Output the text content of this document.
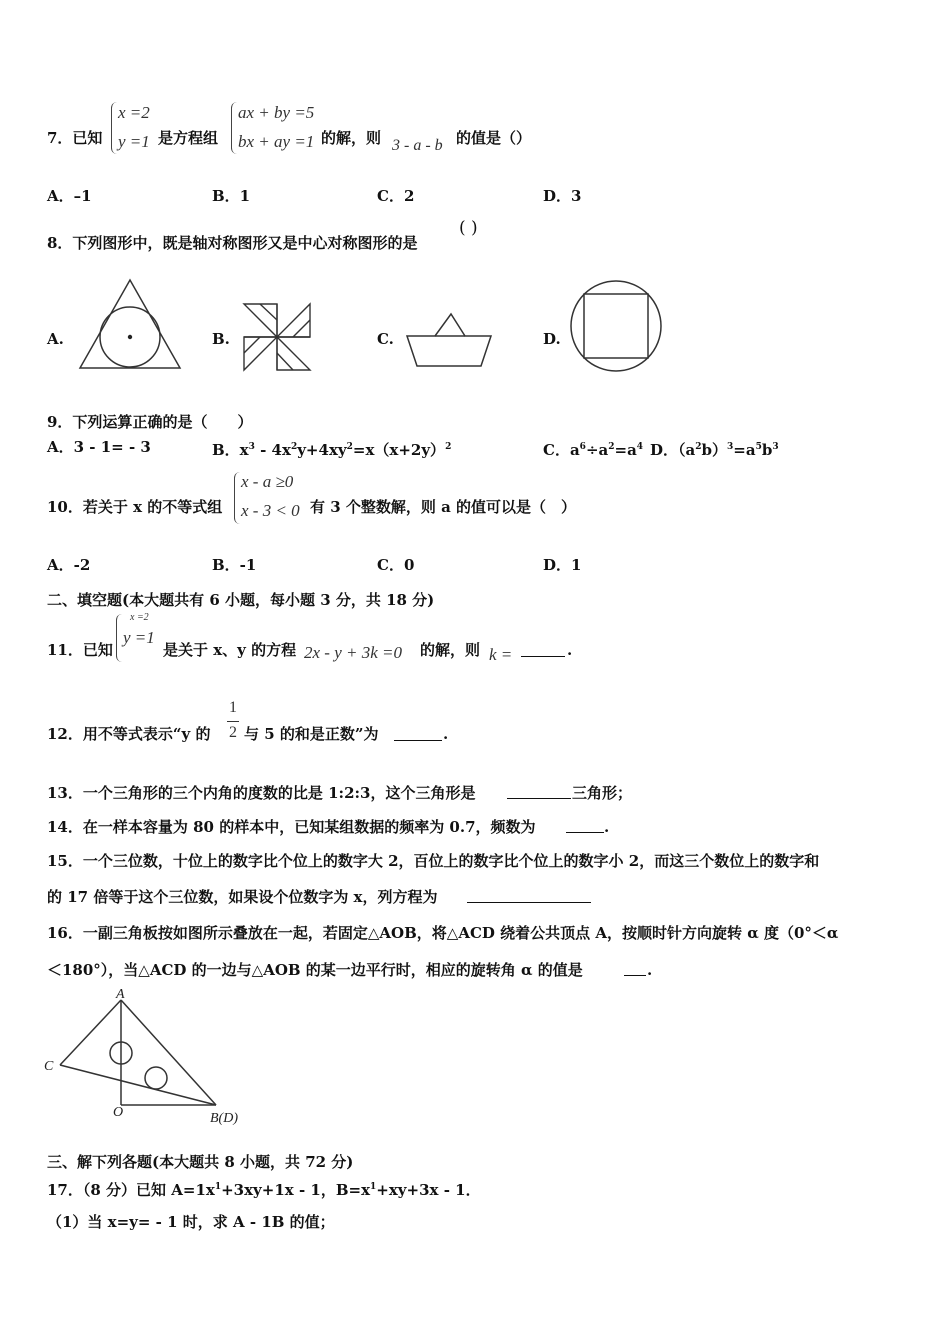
7．已知
x =2
y =1 是方程组
ax + by =5
bx + ay =1 的解，则 3 - a - b 的值是（）
A．–1	B．1	C．2	D．3
8．下列图形中，既是轴对称图形又是中心对称图形的是
( )
A.	B.	C.	D.
9．下列运算正确的是（　　）
A．3 - 1= - 3	B．$x^3 - 4x^2y+4xy^2=x(x+2y)^2$	C．$a^6\div a^2=a^4$ D．$(a^2b)^3=a^5b^3$
10．若关于 x 的不等式组
x - a ≥0
x - 3 < 0 有 3 个整数解，则 a 的值可以是（　）
A．-2	B．-1	C．0	D．1
二、填空题(本大题共有 6 小题，每小题 3 分，共 18 分)
11．已知
x =2
y =1
是关于 x、y 的方程 2x - y + 3k =0 的解，则 k =	.
12．用不等式表示“y 的
1
2 与 5 的和是正数”为	.
13．一个三角形的三个内角的度数的比是 1:2:3，这个三角形是	三角形；
14．在一样本容量为 80 的样本中，已知某组数据的频率为 0.7，频数为	.
15．一个三位数，十位上的数字比个位上的数字大 2，百位上的数字比个位上的数字小 2，而这三个数位上的数字和
的 17 倍等于这个三位数，如果设个位数字为 x，列方程为
16．一副三角板按如图所示叠放在一起，若固定△AOB，将△ACD 绕着公共顶点 A，按顺时针方向旋转 α 度（0°＜α
＜180°），当△ACD 的一边与△AOB 的某一边平行时，相应的旋转角 α 的值是	.
A
C
O	B(D)
三、解下列各题(本大题共 8 小题，共 72 分)
17．（8 分）已知 $A=1x^1+3xy+1x - 1$，$B=x^1+xy+3x - 1$．
（1）当 x=y= - 1 时，求 A - 1B 的值；
